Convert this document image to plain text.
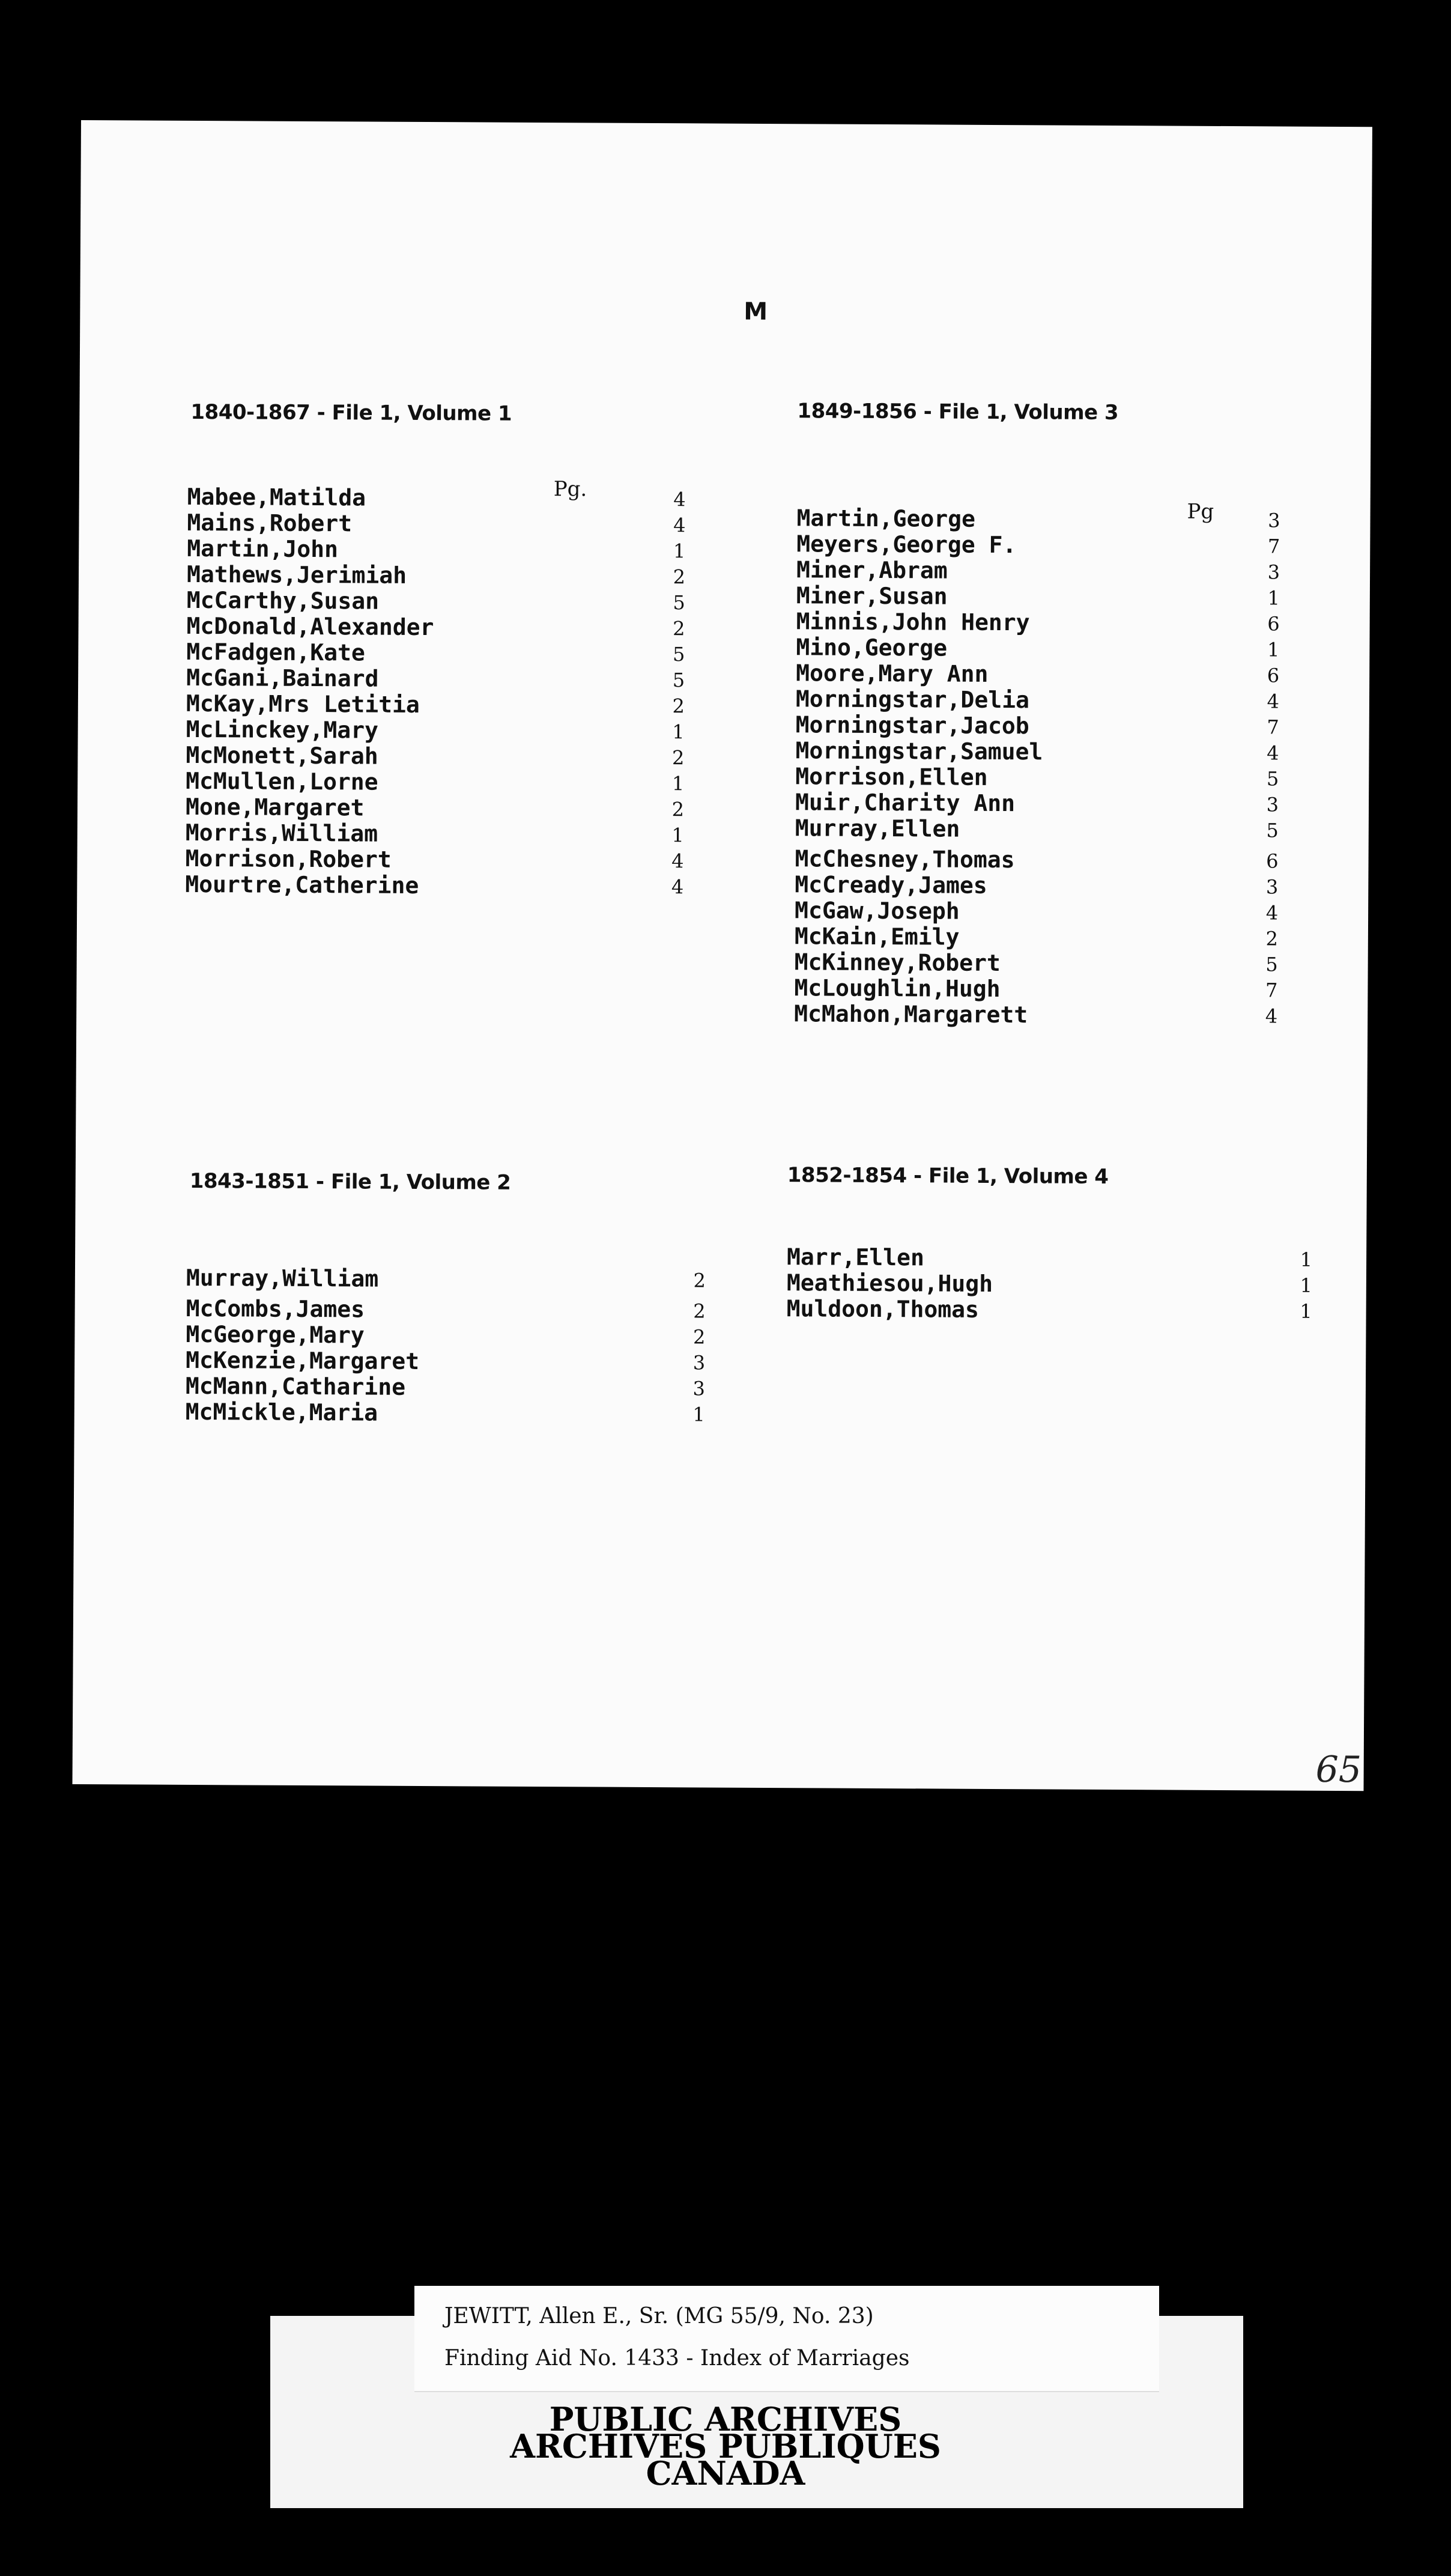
M
1840-1867 - File 1, Volume 1
Pg.
Mabee,Matilda	4
Mains,Robert	4
Martin,John	1
Mathews,Jerimiah	2
McCarthy,Susan	5
McDonald,Alexander	2
McFadgen,Kate	5
McGani,Bainard	5
McKay,Mrs Letitia	2
McLinckey,Mary	1
McMonett,Sarah	2
McMullen,Lorne	1
Mone,Margaret	2
Morris,William	1
Morrison,Robert	4
Mourtre,Catherine	4
1849-1856 - File 1, Volume 3
Pg
Martin,George	3
Meyers,George F.	7
Miner,Abram	3
Miner,Susan	1
Minnis,John Henry	6
Mino,George	1
Moore,Mary Ann	6
Morningstar,Delia	4
Morningstar,Jacob	7
Morningstar,Samuel	4
Morrison,Ellen	5
Muir,Charity Ann	3
Murray,Ellen	5
McChesney,Thomas	6
McCready,James	3
McGaw,Joseph	4
McKain,Emily	2
McKinney,Robert	5
McLoughlin,Hugh	7
McMahon,Margarett	4
1843-1851 - File 1, Volume 2
Murray,William	2
McCombs,James	2
McGeorge,Mary	2
McKenzie,Margaret	3
McMann,Catharine	3
McMickle,Maria	1
1852-1854 - File 1, Volume 4
Marr,Ellen	1
Meathiesou,Hugh	1
Muldoon,Thomas	1
65
JEWITT, Allen E., Sr. (MG 55/9, No. 23)
Finding Aid No. 1433 - Index of Marriages
PUBLIC ARCHIVES
ARCHIVES PUBLIQUES
CANADA
